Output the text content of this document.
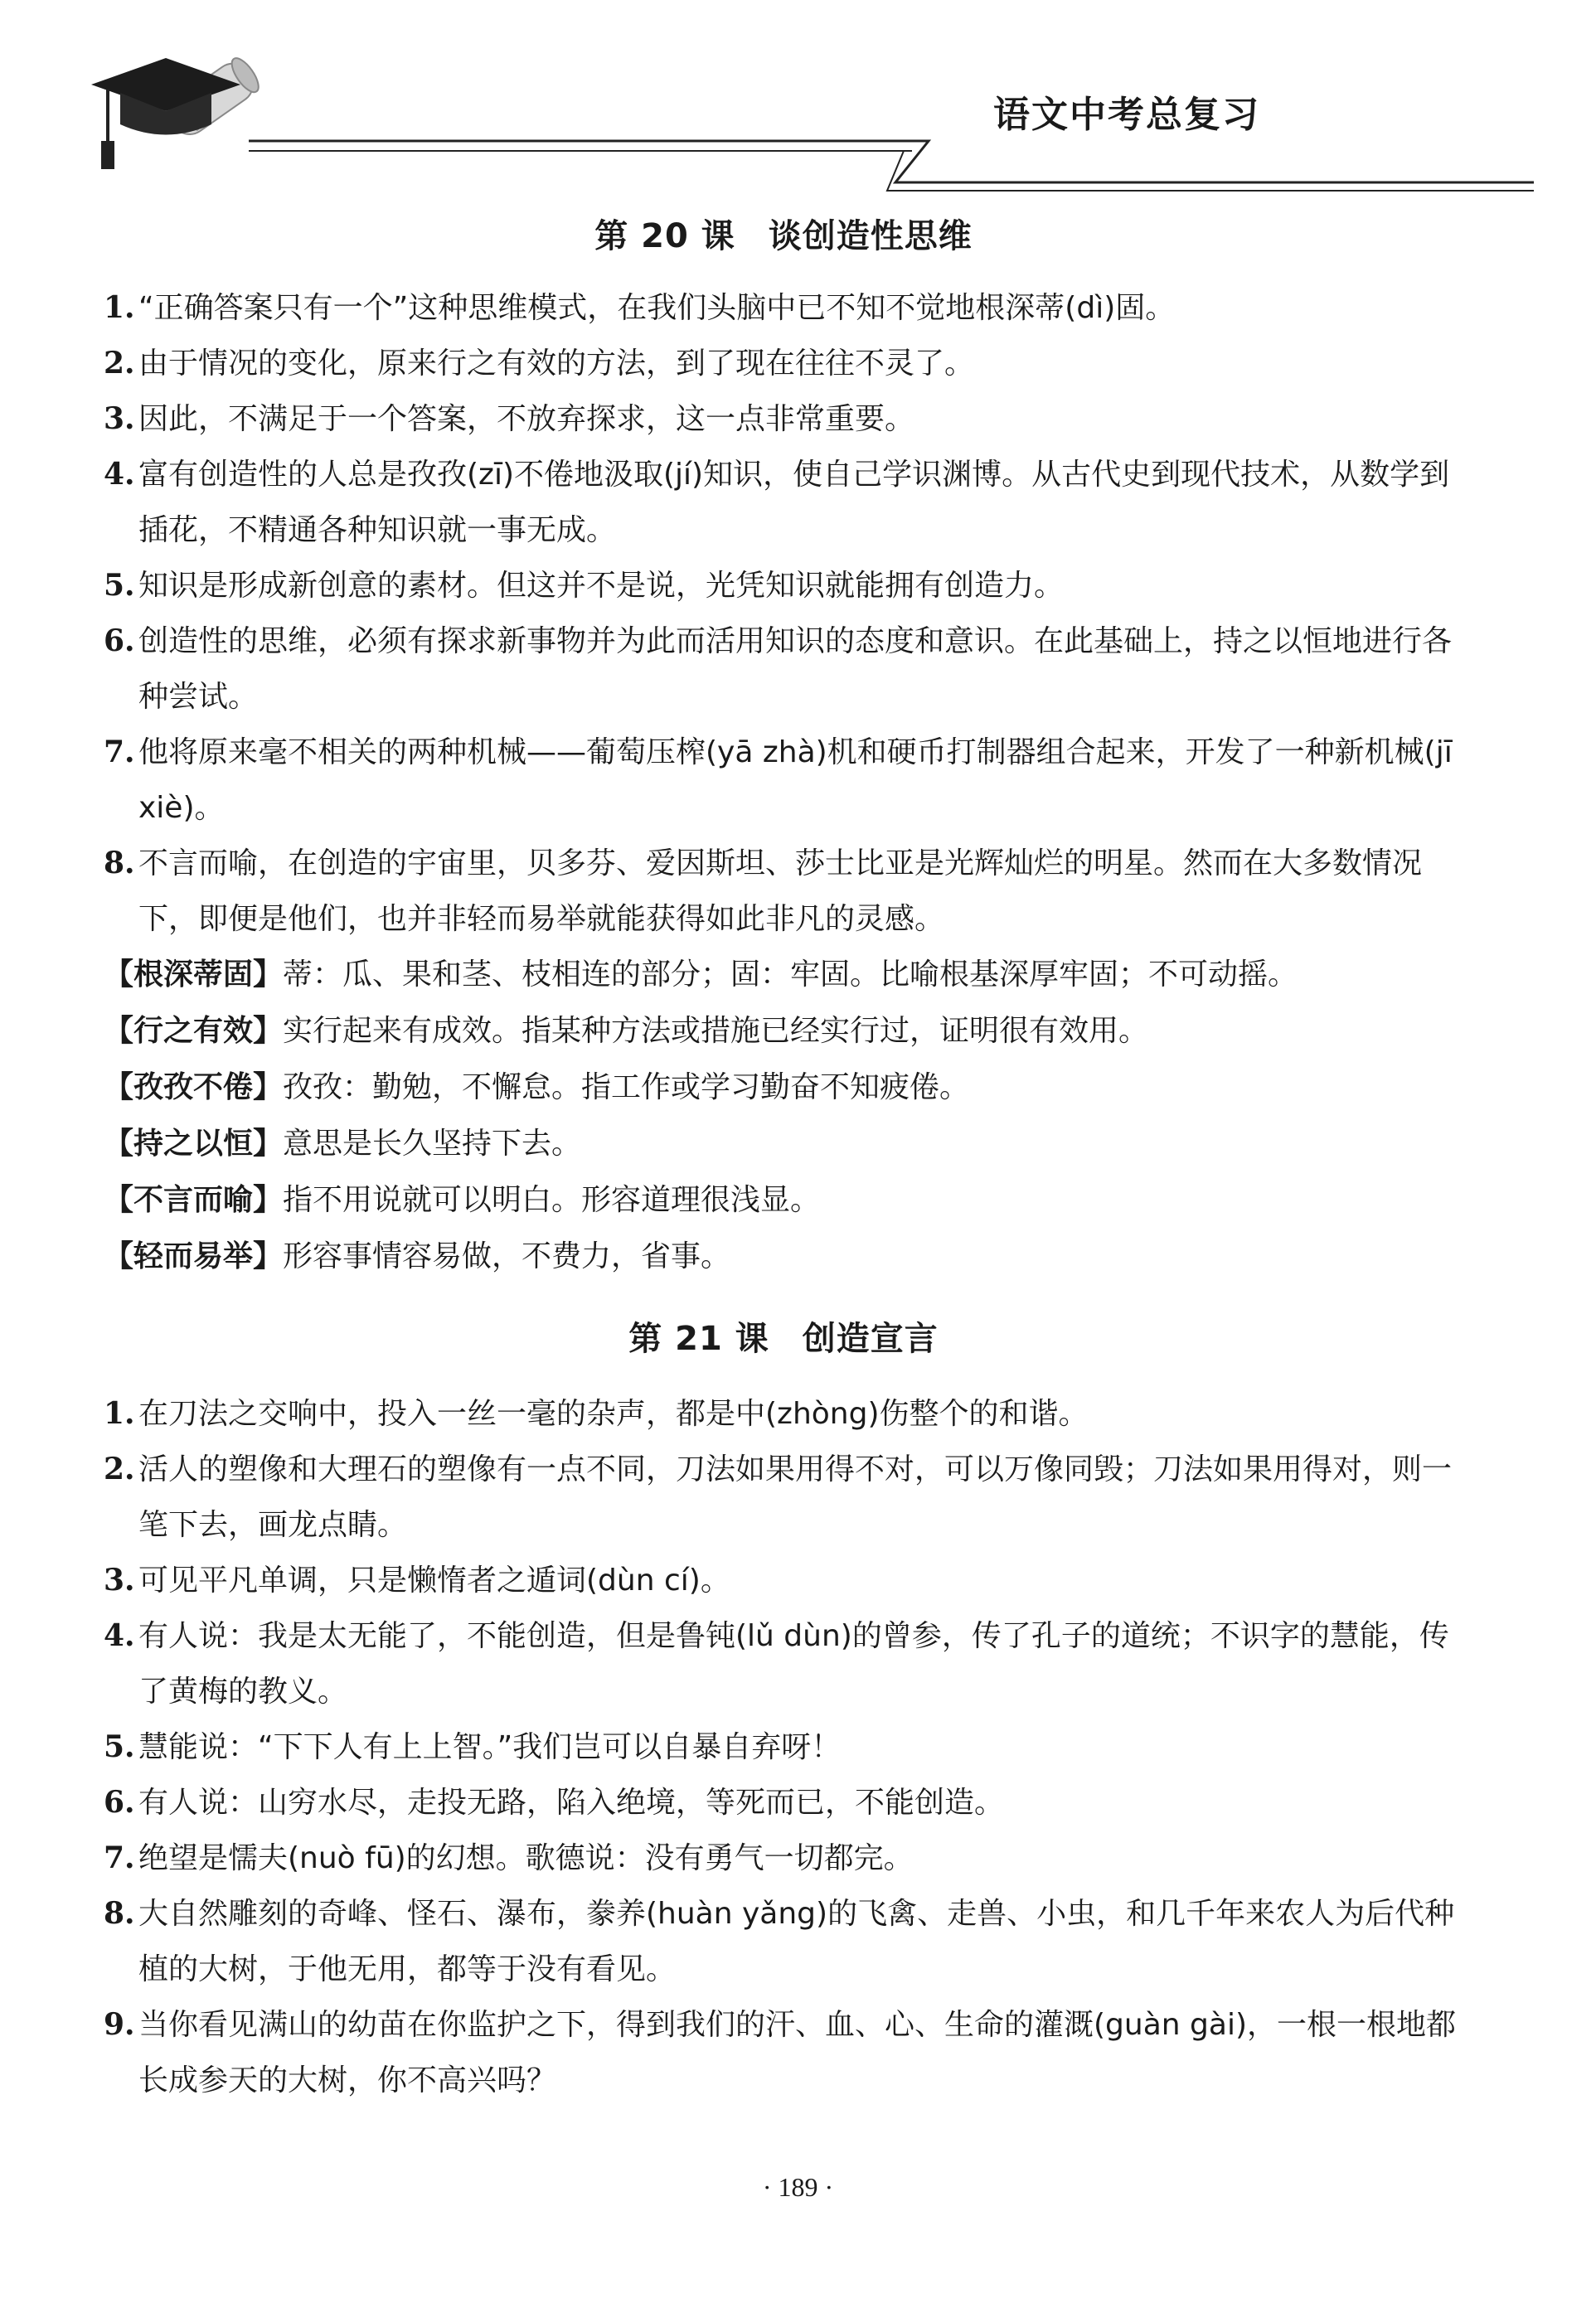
语文中考总复习
第 20 课 谈创造性思维
1. “正确答案只有一个”这种思维模式，在我们头脑中已不知不觉地根深蒂(dì)固。
2. 由于情况的变化，原来行之有效的方法，到了现在往往不灵了。
3. 因此，不满足于一个答案，不放弃探求，这一点非常重要。
4. 富有创造性的人总是孜孜(zī)不倦地汲取(jí)知识，使自己学识渊博。从古代史到现代技术，从数学到插花，不精通各种知识就一事无成。
5. 知识是形成新创意的素材。但这并不是说，光凭知识就能拥有创造力。
6. 创造性的思维，必须有探求新事物并为此而活用知识的态度和意识。在此基础上，持之以恒地进行各种尝试。
7. 他将原来毫不相关的两种机械——葡萄压榨(yā zhà)机和硬币打制器组合起来，开发了一种新机械(jī xiè)。
8. 不言而喻，在创造的宇宙里，贝多芬、爱因斯坦、莎士比亚是光辉灿烂的明星。然而在大多数情况下，即便是他们，也并非轻而易举就能获得如此非凡的灵感。
【根深蒂固】蒂：瓜、果和茎、枝相连的部分；固：牢固。比喻根基深厚牢固；不可动摇。
【行之有效】实行起来有成效。指某种方法或措施已经实行过，证明很有效用。
【孜孜不倦】孜孜：勤勉，不懈怠。指工作或学习勤奋不知疲倦。
【持之以恒】意思是长久坚持下去。
【不言而喻】指不用说就可以明白。形容道理很浅显。
【轻而易举】形容事情容易做，不费力，省事。
第 21 课 创造宣言
1. 在刀法之交响中，投入一丝一毫的杂声，都是中(zhòng)伤整个的和谐。
2. 活人的塑像和大理石的塑像有一点不同，刀法如果用得不对，可以万像同毁；刀法如果用得对，则一笔下去，画龙点睛。
3. 可见平凡单调，只是懒惰者之遁词(dùn cí)。
4. 有人说：我是太无能了，不能创造，但是鲁钝(lǔ dùn)的曾参，传了孔子的道统；不识字的慧能，传了黄梅的教义。
5. 慧能说：“下下人有上上智。”我们岂可以自暴自弃呀！
6. 有人说：山穷水尽，走投无路，陷入绝境，等死而已，不能创造。
7. 绝望是懦夫(nuò fū)的幻想。歌德说：没有勇气一切都完。
8. 大自然雕刻的奇峰、怪石、瀑布，豢养(huàn yǎng)的飞禽、走兽、小虫，和几千年来农人为后代种植的大树，于他无用，都等于没有看见。
9. 当你看见满山的幼苗在你监护之下，得到我们的汗、血、心、生命的灌溉(guàn gài)，一根一根地都长成参天的大树，你不高兴吗？
· 189 ·
